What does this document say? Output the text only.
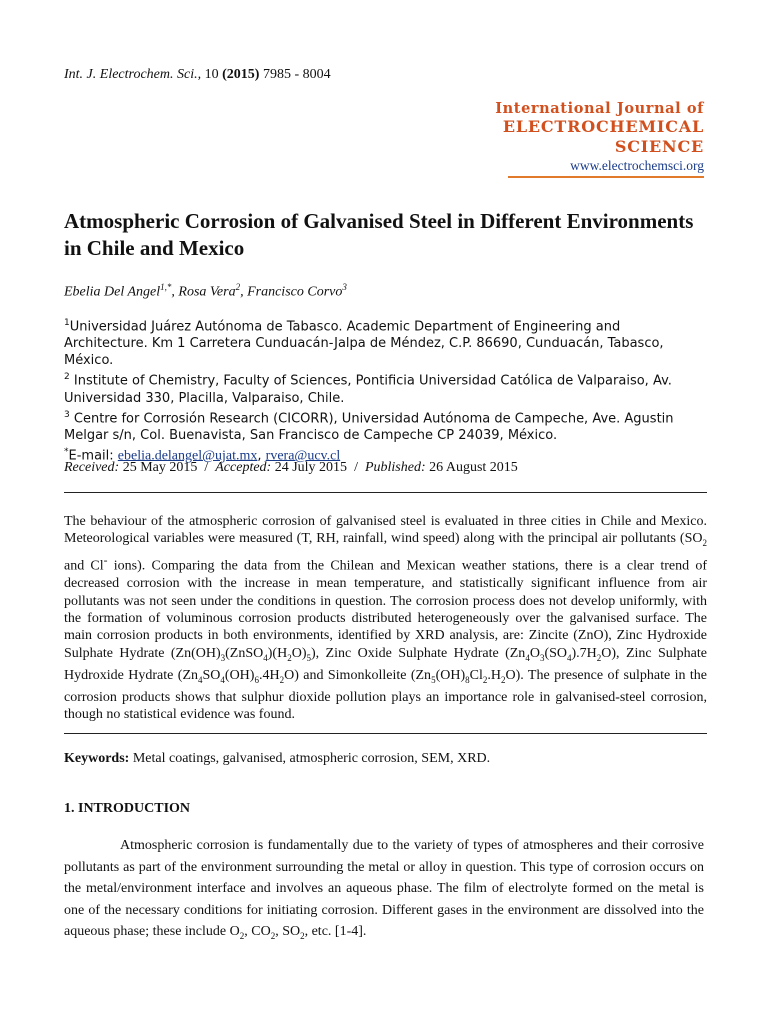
Int. J. Electrochem. Sci., 10 (2015) 7985 - 8004
International Journal of
ELECTROCHEMICAL
SCIENCE
www.electrochemsci.org
Atmospheric Corrosion of Galvanised Steel in Different Environments in Chile and Mexico
Ebelia Del Angel$^{1,*}$, Rosa Vera$^2$, Francisco Corvo$^3$
$^1$Universidad Juárez Autónoma de Tabasco. Academic Department of Engineering and Architecture. Km 1 Carretera Cunduacán-Jalpa de Méndez, C.P. 86690, Cunduacán, Tabasco, México.
$^2$ Institute of Chemistry, Faculty of Sciences, Pontificia Universidad Católica de Valparaiso, Av. Universidad 330, Placilla, Valparaiso, Chile.
$^3$ Centre for Corrosión Research (CICORR), Universidad Autónoma de Campeche, Ave. Agustin Melgar s/n, Col. Buenavista, San Francisco de Campeche CP 24039, México.
*E-mail: ebelia.delangel@ujat.mx, rvera@ucv.cl
Received: 25 May 2015  /  Accepted: 24 July 2015  /  Published: 26 August 2015
The behaviour of the atmospheric corrosion of galvanised steel is evaluated in three cities in Chile and Mexico. Meteorological variables were measured (T, RH, rainfall, wind speed) along with the principal air pollutants ($SO_2$ and Cl- ions). Comparing the data from the Chilean and Mexican weather stations, there is a clear trend of decreased corrosion with the increase in mean temperature, and statistically significant influence from air pollutants was not seen under the conditions in question. The corrosion process does not develop uniformly, with the formation of voluminous corrosion products distributed heterogeneously over the galvanised surface. The main corrosion products in both environments, identified by XRD analysis, are: Zincite (ZnO), Zinc Hydroxide Sulphate Hydrate $(Zn(OH)_3(ZnSO_4)(H_2O)_5)$, Zinc Oxide Sulphate Hydrate $(Zn_4O_3(SO_4).7H_2O)$, Zinc Sulphate Hydroxide Hydrate $(Zn_4SO_4(OH)_6.4H_2O)$ and Simonkolleite $(Zn_5(OH)_8Cl_2.H_2O)$. The presence of sulphate in the corrosion products shows that sulphur dioxide pollution plays an importance role in galvanised-steel corrosion, though no statistical evidence was found.
Keywords: Metal coatings, galvanised, atmospheric corrosion, SEM, XRD.
1. INTRODUCTION
Atmospheric corrosion is fundamentally due to the variety of types of atmospheres and their corrosive pollutants as part of the environment surrounding the metal or alloy in question. This type of corrosion occurs on the metal/environment interface and involves an aqueous phase. The film of electrolyte formed on the metal is one of the necessary conditions for initiating corrosion. Different gases in the environment are dissolved into the aqueous phase; these include $O_2$, $CO_2$, $SO_2$, etc. [1-4].
